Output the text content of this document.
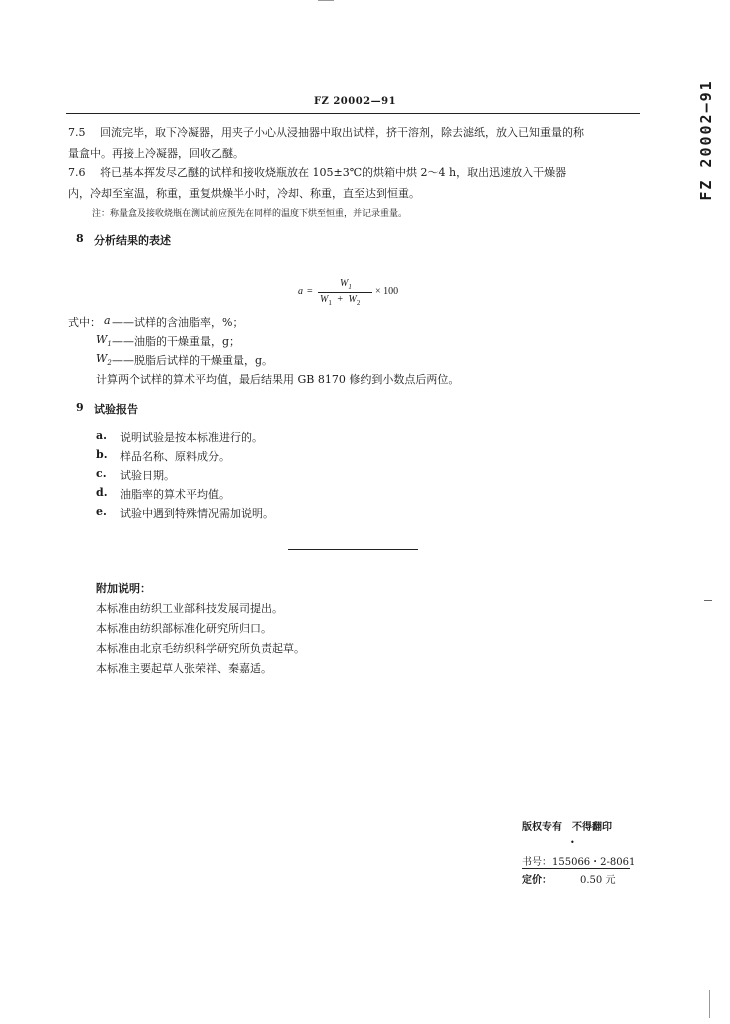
FZ 20002—91	FZ 20002—91
7.5 回流完毕，取下冷凝器，用夹子小心从浸抽器中取出试样，挤干溶剂，除去滤纸，放入已知重量的称
量盒中。再接上冷凝器，回收乙醚。
7.6 将已基本挥发尽乙醚的试样和接收烧瓶放在 105±3℃的烘箱中烘 2～4 h，取出迅速放入干燥器
内，冷却至室温，称重，重复烘燥半小时，冷却、称重，直至达到恒重。
注：称量盒及接收烧瓶在测试前应预先在同样的温度下烘至恒重，并记录重量。
8 分析结果的表述
a =
$W_1$
$W_1 + W_2$
× 100
式中： a ——试样的含油脂率，%；
$W_1$ ——油脂的干燥重量，g；
$W_2$ ——脱脂后试样的干燥重量，g。
计算两个试样的算术平均值，最后结果用 GB 8170 修约到小数点后两位。
9 试验报告
a.	说明试验是按本标准进行的。
b.	样品名称、原料成分。
c.	试验日期。
d.	油脂率的算术平均值。
e.	试验中遇到特殊情况需加说明。
附加说明：
本标准由纺织工业部科技发展司提出。
本标准由纺织部标准化研究所归口。
本标准由北京毛纺织科学研究所负责起草。
本标准主要起草人张荣祥、秦嘉适。
版权专有　不得翻印
•
书号：155066・2-8061
定价：	0.50 元
